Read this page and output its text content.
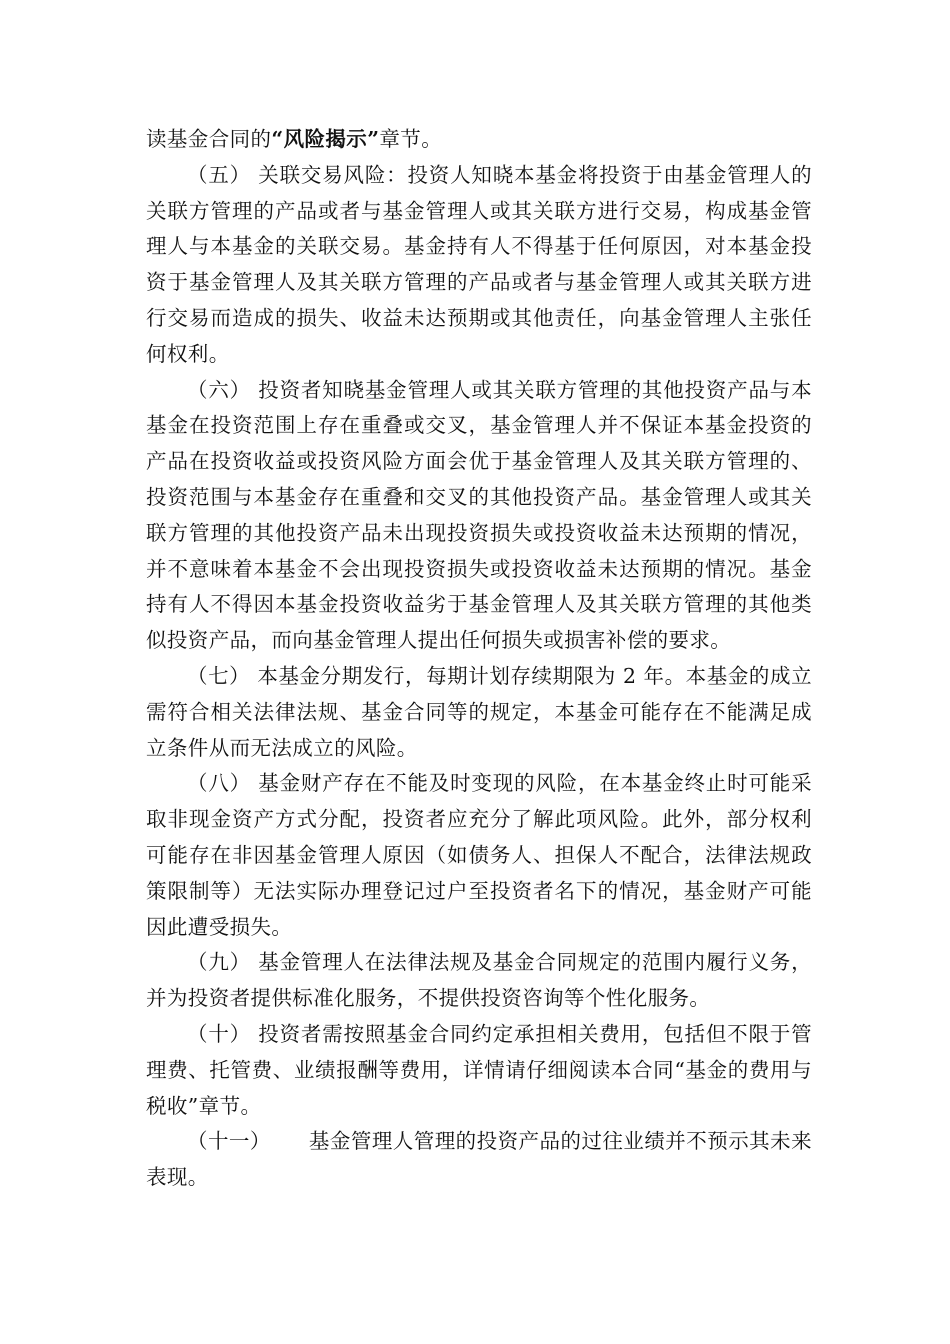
读基金合同的“风险揭示”章节。

（五） 关联交易风险：投资人知晓本基金将投资于由基金管理人的关联方管理的产品或者与基金管理人或其关联方进行交易，构成基金管理人与本基金的关联交易。基金持有人不得基于任何原因，对本基金投资于基金管理人及其关联方管理的产品或者与基金管理人或其关联方进行交易而造成的损失、收益未达预期或其他责任，向基金管理人主张任何权利。

（六） 投资者知晓基金管理人或其关联方管理的其他投资产品与本基金在投资范围上存在重叠或交叉，基金管理人并不保证本基金投资的产品在投资收益或投资风险方面会优于基金管理人及其关联方管理的、投资范围与本基金存在重叠和交叉的其他投资产品。基金管理人或其关联方管理的其他投资产品未出现投资损失或投资收益未达预期的情况，并不意味着本基金不会出现投资损失或投资收益未达预期的情况。基金持有人不得因本基金投资收益劣于基金管理人及其关联方管理的其他类似投资产品，而向基金管理人提出任何损失或损害补偿的要求。

（七） 本基金分期发行，每期计划存续期限为 2 年。本基金的成立需符合相关法律法规、基金合同等的规定，本基金可能存在不能满足成立条件从而无法成立的风险。

（八） 基金财产存在不能及时变现的风险，在本基金终止时可能采取非现金资产方式分配，投资者应充分了解此项风险。此外，部分权利可能存在非因基金管理人原因（如债务人、担保人不配合，法律法规政策限制等）无法实际办理登记过户至投资者名下的情况，基金财产可能因此遭受损失。

（九） 基金管理人在法律法规及基金合同规定的范围内履行义务，并为投资者提供标准化服务，不提供投资咨询等个性化服务。

（十） 投资者需按照基金合同约定承担相关费用，包括但不限于管理费、托管费、业绩报酬等费用，详情请仔细阅读本合同“基金的费用与税收”章节。

（十一） 基金管理人管理的投资产品的过往业绩并不预示其未来表现。
